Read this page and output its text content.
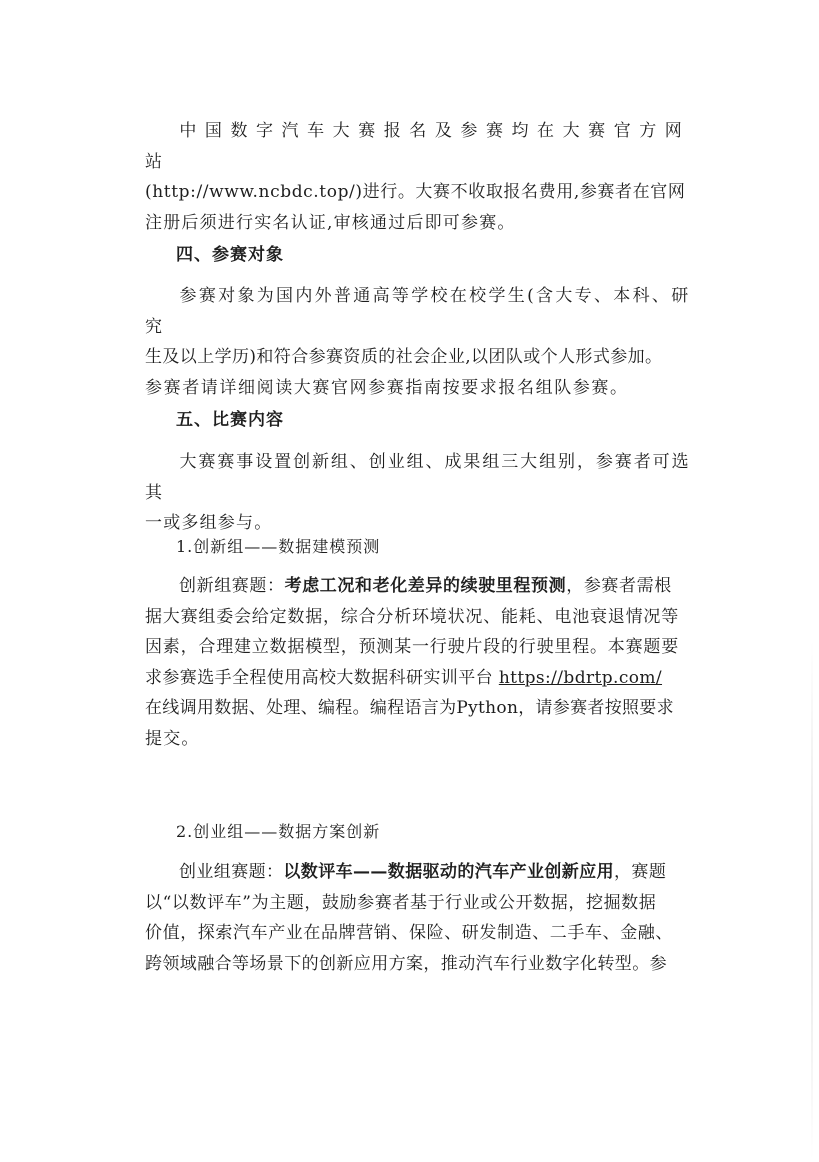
中国数字汽车大赛报名及参赛均在大赛官方网站
(http://www.ncbdc.top/)进行。大赛不收取报名费用,参赛者在官网
注册后须进行实名认证,审核通过后即可参赛。
四、参赛对象
参赛对象为国内外普通高等学校在校学生(含大专、本科、研究
生及以上学历)和符合参赛资质的社会企业,以团队或个人形式参加。
参赛者请详细阅读大赛官网参赛指南按要求报名组队参赛。
五、比赛内容
大赛赛事设置创新组、创业组、成果组三大组别，参赛者可选其
一或多组参与。
1.创新组——数据建模预测
创新组赛题：考虑工况和老化差异的续驶里程预测，参赛者需根
据大赛组委会给定数据，综合分析环境状况、能耗、电池衰退情况等
因素，合理建立数据模型，预测某一行驶片段的行驶里程。本赛题要
求参赛选手全程使用高校大数据科研实训平台 https://bdrtp.com/
在线调用数据、处理、编程。编程语言为Python，请参赛者按照要求
提交。
2.创业组——数据方案创新
创业组赛题：以数评车——数据驱动的汽车产业创新应用，赛题
以“以数评车”为主题，鼓励参赛者基于行业或公开数据，挖掘数据
价值，探索汽车产业在品牌营销、保险、研发制造、二手车、金融、
跨领域融合等场景下的创新应用方案，推动汽车行业数字化转型。参
